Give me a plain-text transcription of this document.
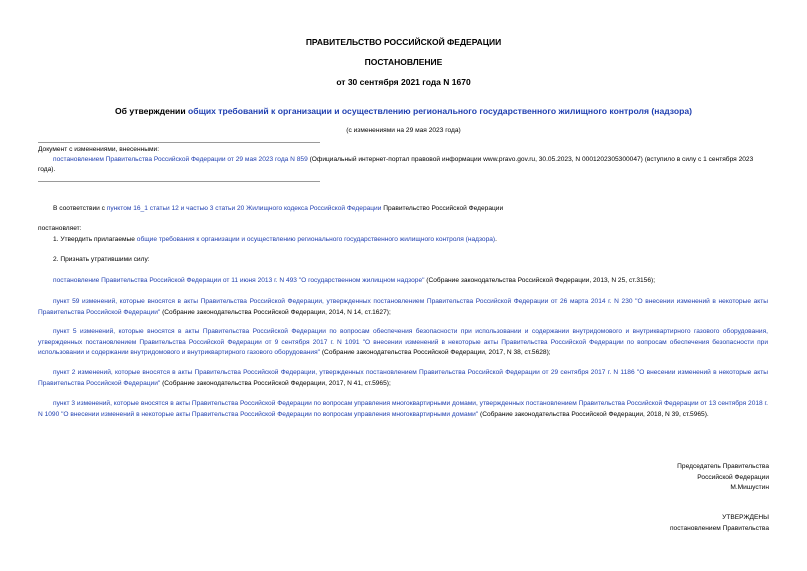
ПРАВИТЕЛЬСТВО РОССИЙСКОЙ ФЕДЕРАЦИИ
ПОСТАНОВЛЕНИЕ
от 30 сентября 2021 года N 1670
Об утверждении общих требований к организации и осуществлению регионального государственного жилищного контроля (надзора)
(с изменениями на 29 мая 2023 года)
Документ с изменениями, внесенными:
постановлением Правительства Российской Федерации от 29 мая 2023 года N 859 (Официальный интернет-портал правовой информации www.pravo.gov.ru, 30.05.2023, N 0001202305300047) (вступило в силу с 1 сентября 2023 года).
В соответствии с пунктом 16_1 статьи 12 и частью 3 статьи 20 Жилищного кодекса Российской Федерации Правительство Российской Федерации
постановляет:
1. Утвердить прилагаемые общие требования к организации и осуществлению регионального государственного жилищного контроля (надзора).
2. Признать утратившими силу:
постановление Правительства Российской Федерации от 11 июня 2013 г. N 493 "О государственном жилищном надзоре" (Собрание законодательства Российской Федерации, 2013, N 25, ст.3156);
пункт 59 изменений, которые вносятся в акты Правительства Российской Федерации, утвержденных постановлением Правительства Российской Федерации от 26 марта 2014 г. N 230 "О внесении изменений в некоторые акты Правительства Российской Федерации" (Собрание законодательства Российской Федерации, 2014, N 14, ст.1627);
пункт 5 изменений, которые вносятся в акты Правительства Российской Федерации по вопросам обеспечения безопасности при использовании и содержании внутридомового и внутриквартирного газового оборудования, утвержденных постановлением Правительства Российской Федерации от 9 сентября 2017 г. N 1091 "О внесении изменений в некоторые акты Правительства Российской Федерации по вопросам обеспечения безопасности при использовании и содержании внутридомового и внутриквартирного газового оборудования" (Собрание законодательства Российской Федерации, 2017, N 38, ст.5628);
пункт 2 изменений, которые вносятся в акты Правительства Российской Федерации, утвержденных постановлением Правительства Российской Федерации от 29 сентября 2017 г. N 1186 "О внесении изменений в некоторые акты Правительства Российской Федерации" (Собрание законодательства Российской Федерации, 2017, N 41, ст.5965);
пункт 3 изменений, которые вносятся в акты Правительства Российской Федерации по вопросам управления многоквартирными домами, утвержденных постановлением Правительства Российской Федерации от 13 сентября 2018 г. N 1090 "О внесении изменений в некоторые акты Правительства Российской Федерации по вопросам управления многоквартирными домами" (Собрание законодательства Российской Федерации, 2018, N 39, ст.5965).
Председатель Правительства
Российской Федерации
М.Мишустин
УТВЕРЖДЕНЫ
постановлением Правительства
